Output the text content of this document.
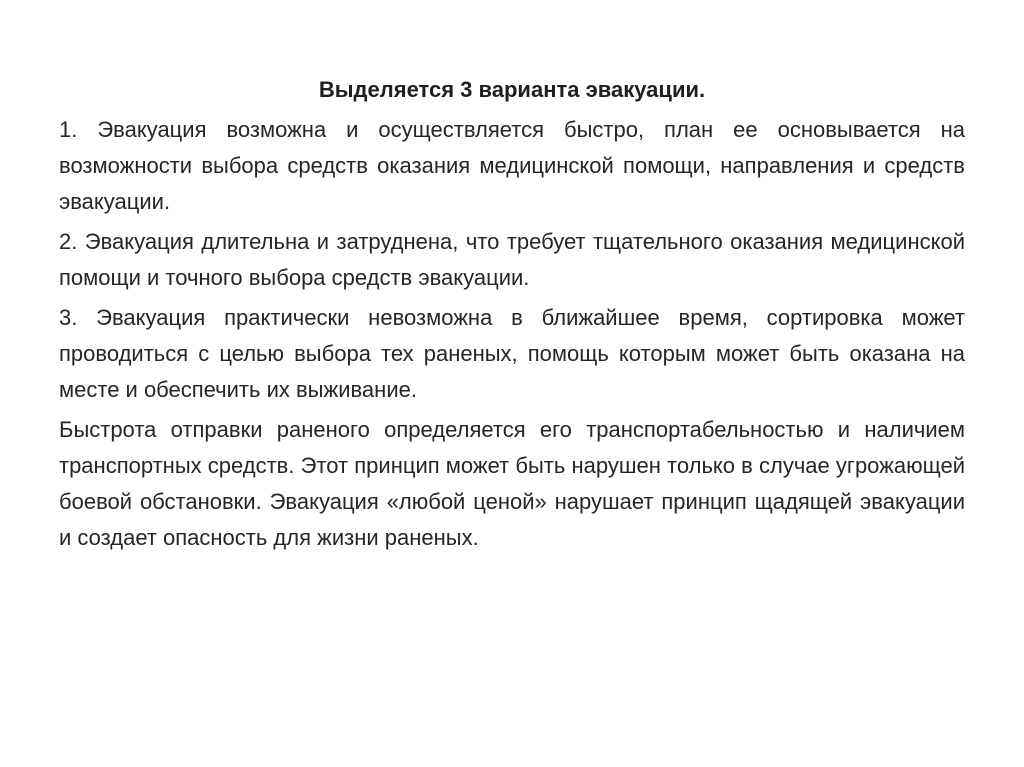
Выделяется 3 варианта эвакуации.

1. Эвакуация возможна и осуществляется быстро, план ее основывается на возможности выбора средств оказания медицинской помощи, направления и средств эвакуации.

2. Эвакуация длительна и затруднена, что требует тщательного оказания медицинской помощи и точного выбора средств эвакуации.

3. Эвакуация практически невозможна в ближайшее время, сортировка может проводиться с целью выбора тех раненых, помощь которым может быть оказана на месте и обеспечить их выживание.

Быстрота отправки раненого определяется его транспортабельностью и наличием транспортных средств. Этот принцип может быть нарушен только в случае угрожающей боевой обстановки. Эвакуация «любой ценой» нарушает принцип щадящей эвакуации и создает опасность для жизни раненых.
